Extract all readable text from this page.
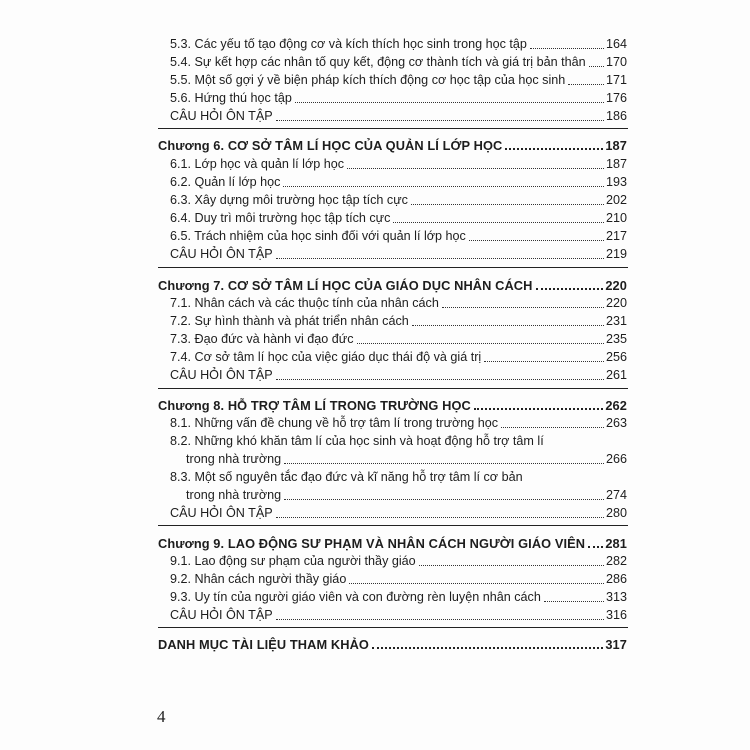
5.3. Các yếu tố tạo động cơ và kích thích học sinh trong học tập	164
5.4. Sự kết hợp các nhân tố quy kết, động cơ thành tích và giá trị bản thân 170
5.5. Một số gợi ý về biện pháp kích thích động cơ học tập của học sinh	171
5.6. Hứng thú học tập	176
CÂU HỎI ÔN TẬP	186
Chương 6. CƠ SỞ TÂM LÍ HỌC CỦA QUẢN LÍ LỚP HỌC	187
6.1. Lớp học và quản lí lớp học	187
6.2. Quản lí lớp học	193
6.3. Xây dựng môi trường học tập tích cực	202
6.4. Duy trì môi trường học tập tích cực	210
6.5. Trách nhiệm của học sinh đối với quản lí lớp học	217
CÂU HỎI ÔN TẬP	219
Chương 7. CƠ SỞ TÂM LÍ HỌC CỦA GIÁO DỤC NHÂN CÁCH	220
7.1. Nhân cách và các thuộc tính của nhân cách	220
7.2. Sự hình thành và phát triển nhân cách	231
7.3. Đạo đức và hành vi đạo đức	235
7.4. Cơ sở tâm lí học của việc giáo dục thái độ và giá trị	256
CÂU HỎI ÔN TẬP	261
Chương 8. HỖ TRỢ TÂM LÍ TRONG TRƯỜNG HỌC	262
8.1. Những vấn đề chung về hỗ trợ tâm lí trong trường học	263
8.2. Những khó khăn tâm lí của học sinh và hoạt động hỗ trợ tâm lí
trong nhà trường	266
8.3. Một số nguyên tắc đạo đức và kĩ năng hỗ trợ tâm lí cơ bản
trong nhà trường	274
CÂU HỎI ÔN TẬP	280
Chương 9. LAO ĐỘNG SƯ PHẠM VÀ NHÂN CÁCH NGƯỜI GIÁO VIÊN 281
9.1. Lao động sư phạm của người thầy giáo	282
9.2. Nhân cách người thầy giáo	286
9.3. Uy tín của người giáo viên và con đường rèn luyện nhân cách	313
CÂU HỎI ÔN TẬP	316
DANH MỤC TÀI LIỆU THAM KHẢO	317
4
